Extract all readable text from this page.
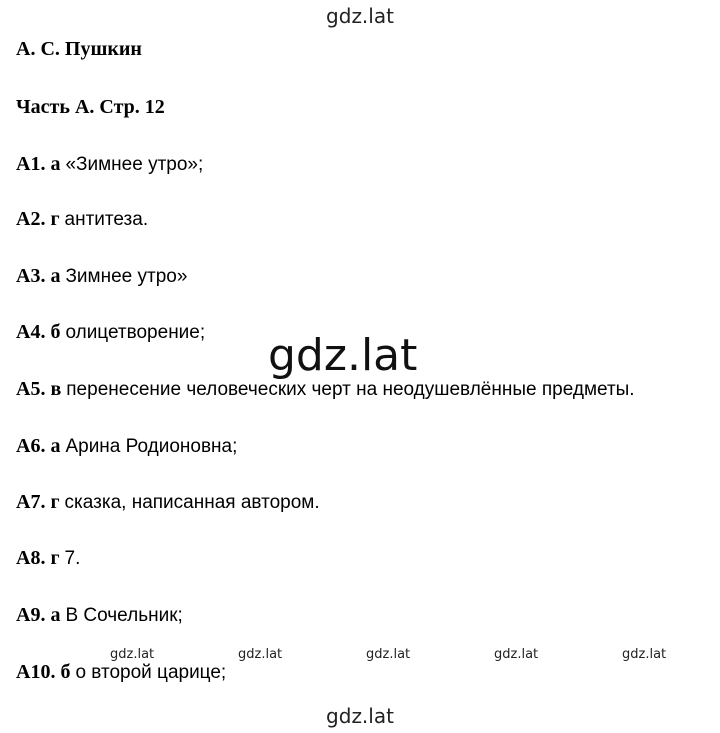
gdz.lat
А. С. Пушкин
Часть А. Стр. 12
А1. а «Зимнее утро»;
А2. г антитеза.
А3. а Зимнее утро»
А4. б олицетворение;
А5. в перенесение человеческих черт на неодушевлённые предметы.
А6. а Арина Родионовна;
А7. г сказка, написанная автором.
А8. г 7.
А9. а В Сочельник;
А10. б о второй царице;
gdz.lat
gdz.lat	gdz.lat	gdz.lat	gdz.lat	gdz.lat
gdz.lat
